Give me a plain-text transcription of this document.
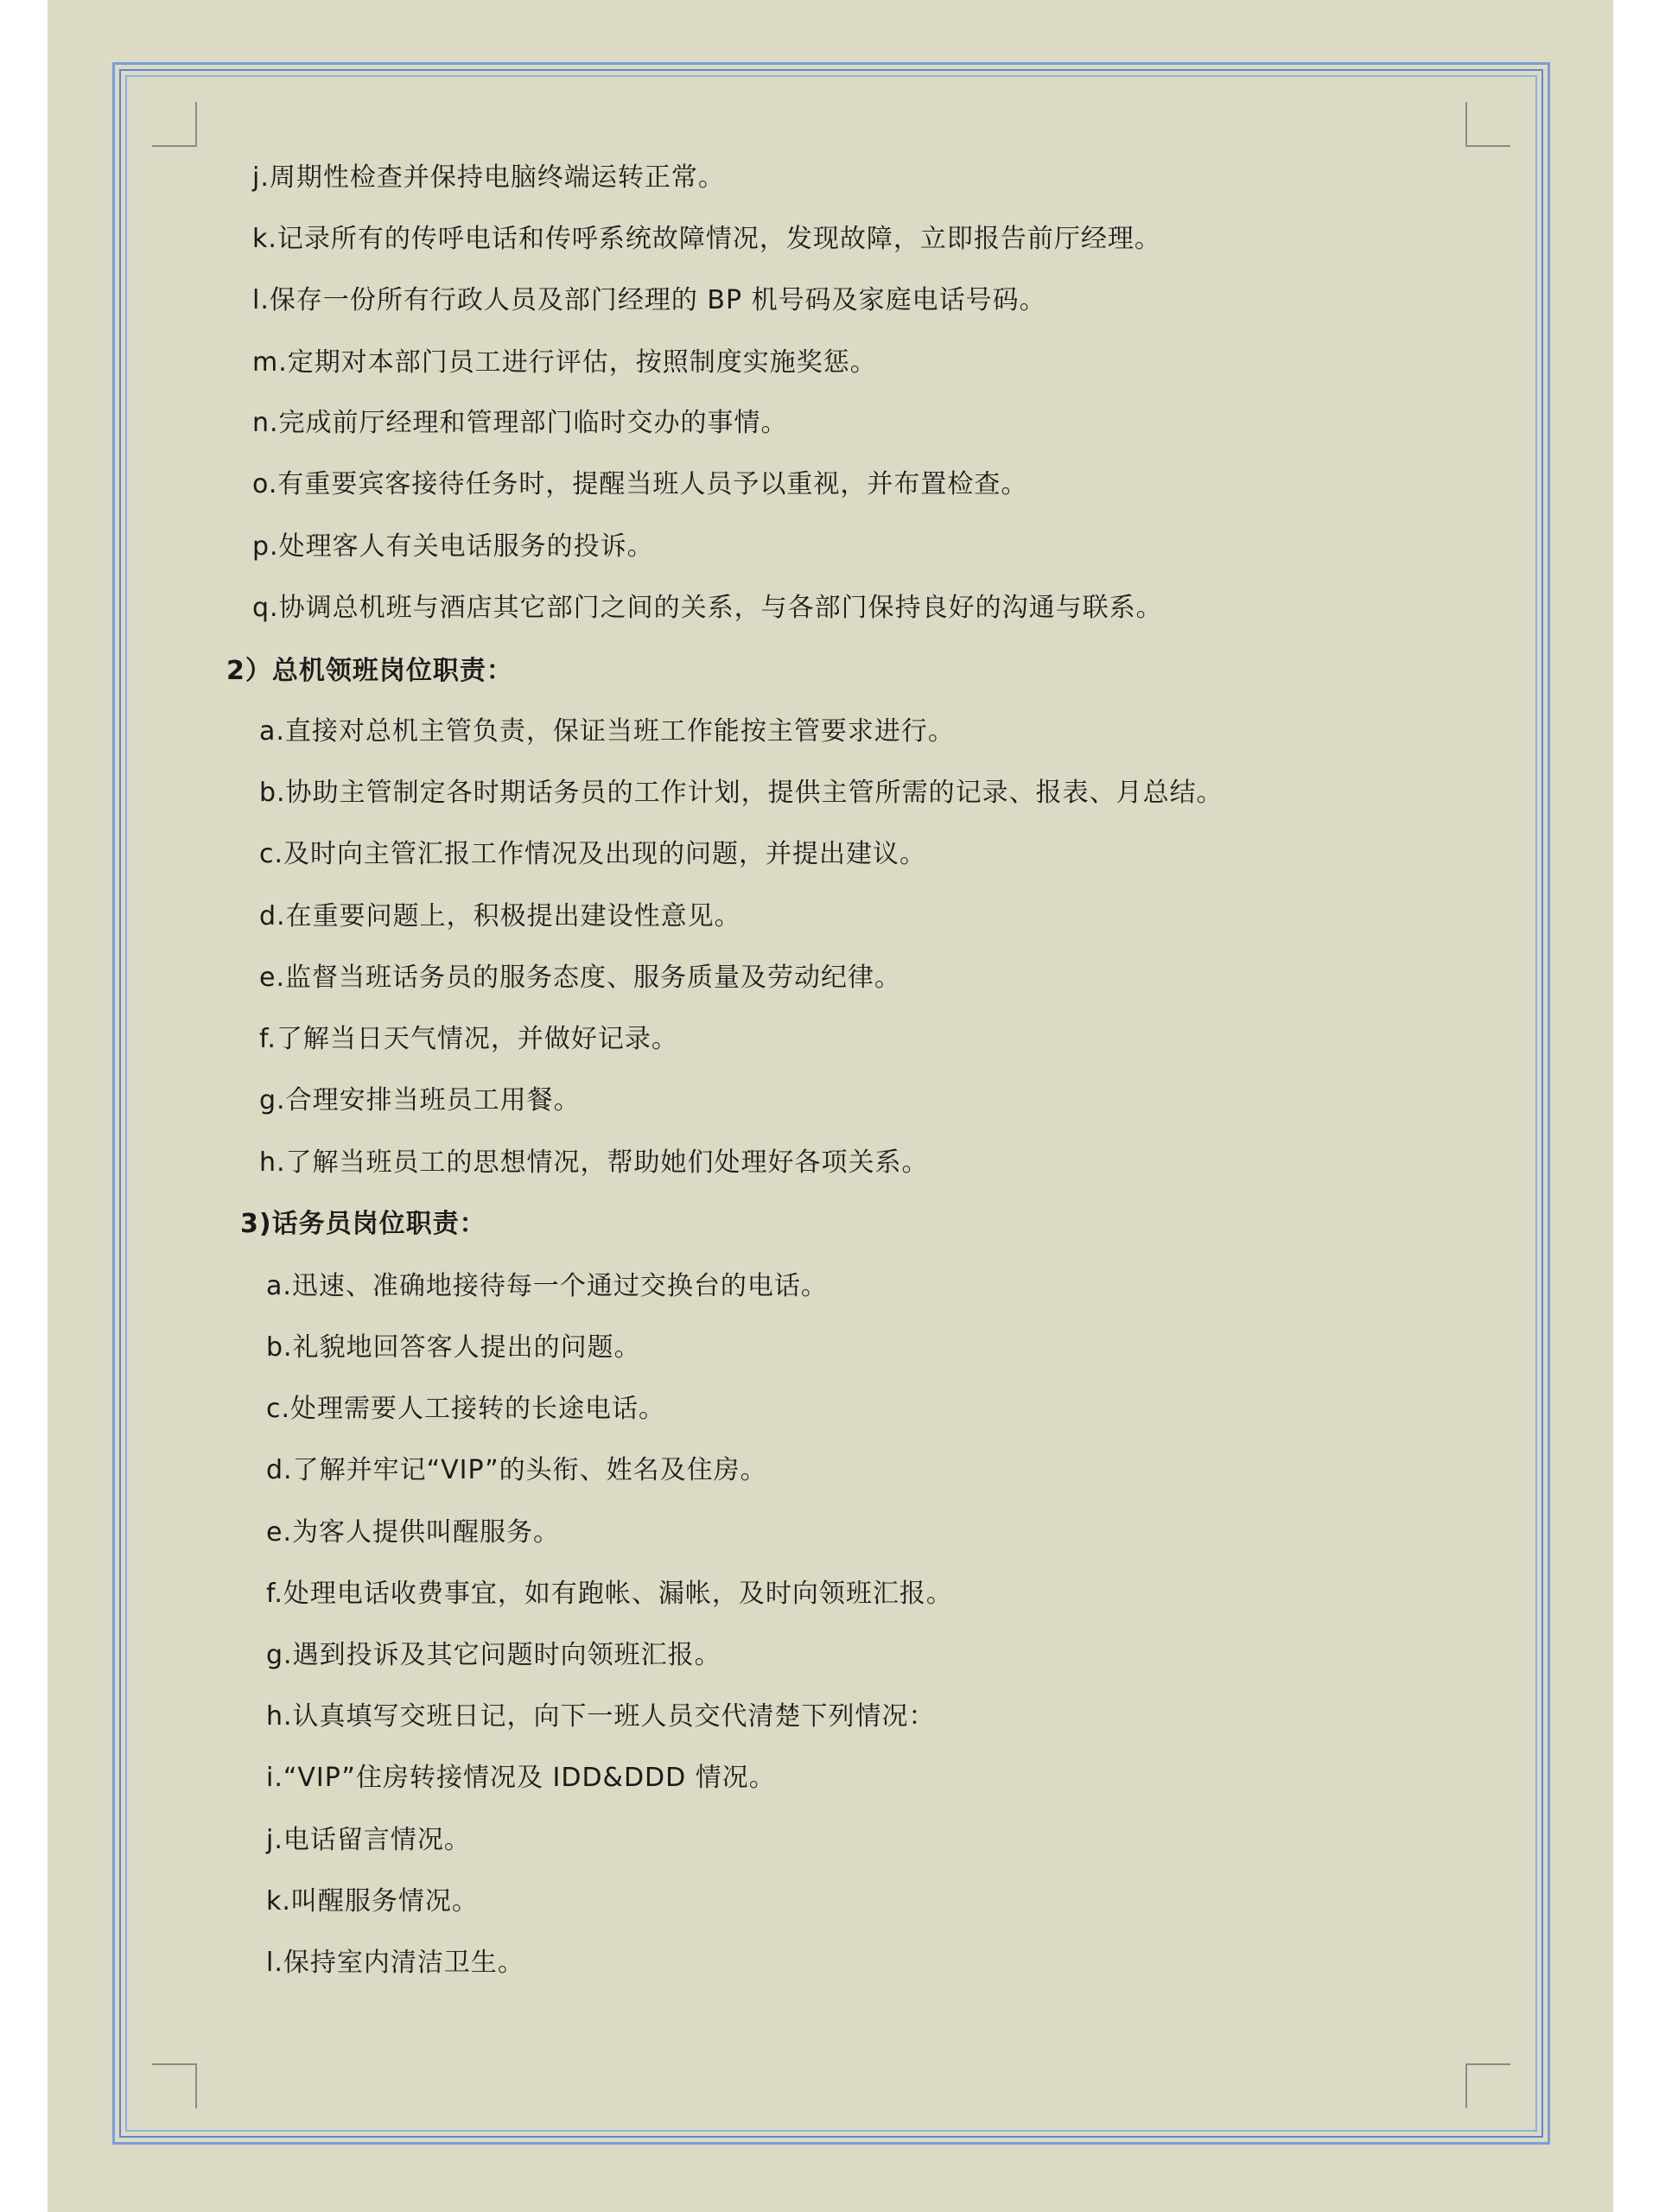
j.周期性检查并保持电脑终端运转正常。
k.记录所有的传呼电话和传呼系统故障情况，发现故障，立即报告前厅经理。
l.保存一份所有行政人员及部门经理的 BP 机号码及家庭电话号码。
m.定期对本部门员工进行评估，按照制度实施奖惩。
n.完成前厅经理和管理部门临时交办的事情。
o.有重要宾客接待任务时，提醒当班人员予以重视，并布置检查。
p.处理客人有关电话服务的投诉。
q.协调总机班与酒店其它部门之间的关系，与各部门保持良好的沟通与联系。
2）总机领班岗位职责：
a.直接对总机主管负责，保证当班工作能按主管要求进行。
b.协助主管制定各时期话务员的工作计划，提供主管所需的记录、报表、月总结。
c.及时向主管汇报工作情况及出现的问题，并提出建议。
d.在重要问题上，积极提出建设性意见。
e.监督当班话务员的服务态度、服务质量及劳动纪律。
f.了解当日天气情况，并做好记录。
g.合理安排当班员工用餐。
h.了解当班员工的思想情况，帮助她们处理好各项关系。
3)话务员岗位职责：
a.迅速、准确地接待每一个通过交换台的电话。
b.礼貌地回答客人提出的问题。
c.处理需要人工接转的长途电话。
d.了解并牢记“VIP”的头衔、姓名及住房。
e.为客人提供叫醒服务。
f.处理电话收费事宜，如有跑帐、漏帐，及时向领班汇报。
g.遇到投诉及其它问题时向领班汇报。
h.认真填写交班日记，向下一班人员交代清楚下列情况：
i.“VIP”住房转接情况及 IDD&DDD 情况。
j.电话留言情况。
k.叫醒服务情况。
l.保持室内清洁卫生。
